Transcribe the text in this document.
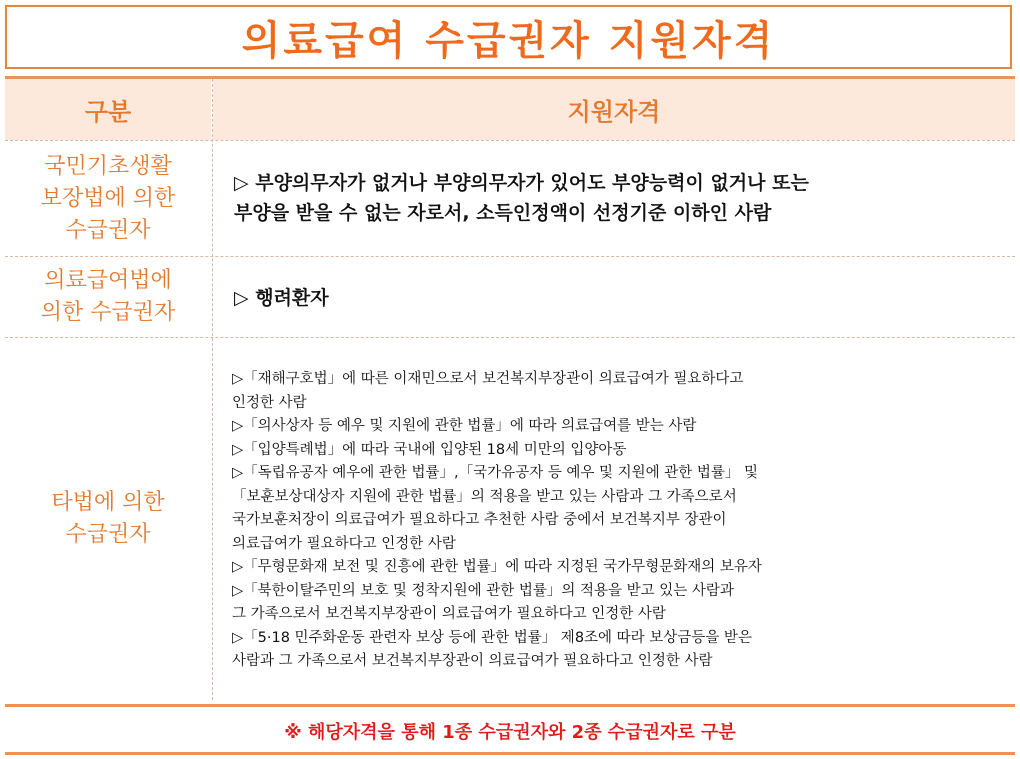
의료급여 수급권자 지원자격
구분	지원자격
국민기초생활
보장법에 의한
수급권자
▷ 부양의무자가 없거나 부양의무자가 있어도 부양능력이 없거나 또는
부양을 받을 수 없는 자로서, 소득인정액이 선정기준 이하인 사람
의료급여법에
의한 수급권자
▷ 행려환자
타법에 의한
수급권자

▷「재해구호법」에 따른 이재민으로서 보건복지부장관이 의료급여가 필요하다고

인정한 사람

▷「의사상자 등 예우 및 지원에 관한 법률」에 따라 의료급여를 받는 사람

▷「입양특례법」에 따라 국내에 입양된 18세 미만의 입양아동

▷「독립유공자 예우에 관한 법률」,「국가유공자 등 예우 및 지원에 관한 법률」 및

「보훈보상대상자 지원에 관한 법률」의 적용을 받고 있는 사람과 그 가족으로서

국가보훈처장이 의료급여가 필요하다고 추천한 사람 중에서 보건복지부 장관이

의료급여가 필요하다고 인정한 사람

▷「무형문화재 보전 및 진흥에 관한 법률」에 따라 지정된 국가무형문화재의 보유자

▷「북한이탈주민의 보호 및 정착지원에 관한 법률」의 적용을 받고 있는 사람과

그 가족으로서 보건복지부장관이 의료급여가 필요하다고 인정한 사람

▷「5·18 민주화운동 관련자 보상 등에 관한 법률」 제8조에 따라 보상금등을 받은

사람과 그 가족으로서 보건복지부장관이 의료급여가 필요하다고 인정한 사람

※ 해당자격을 통해 1종 수급권자와 2종 수급권자로 구분
